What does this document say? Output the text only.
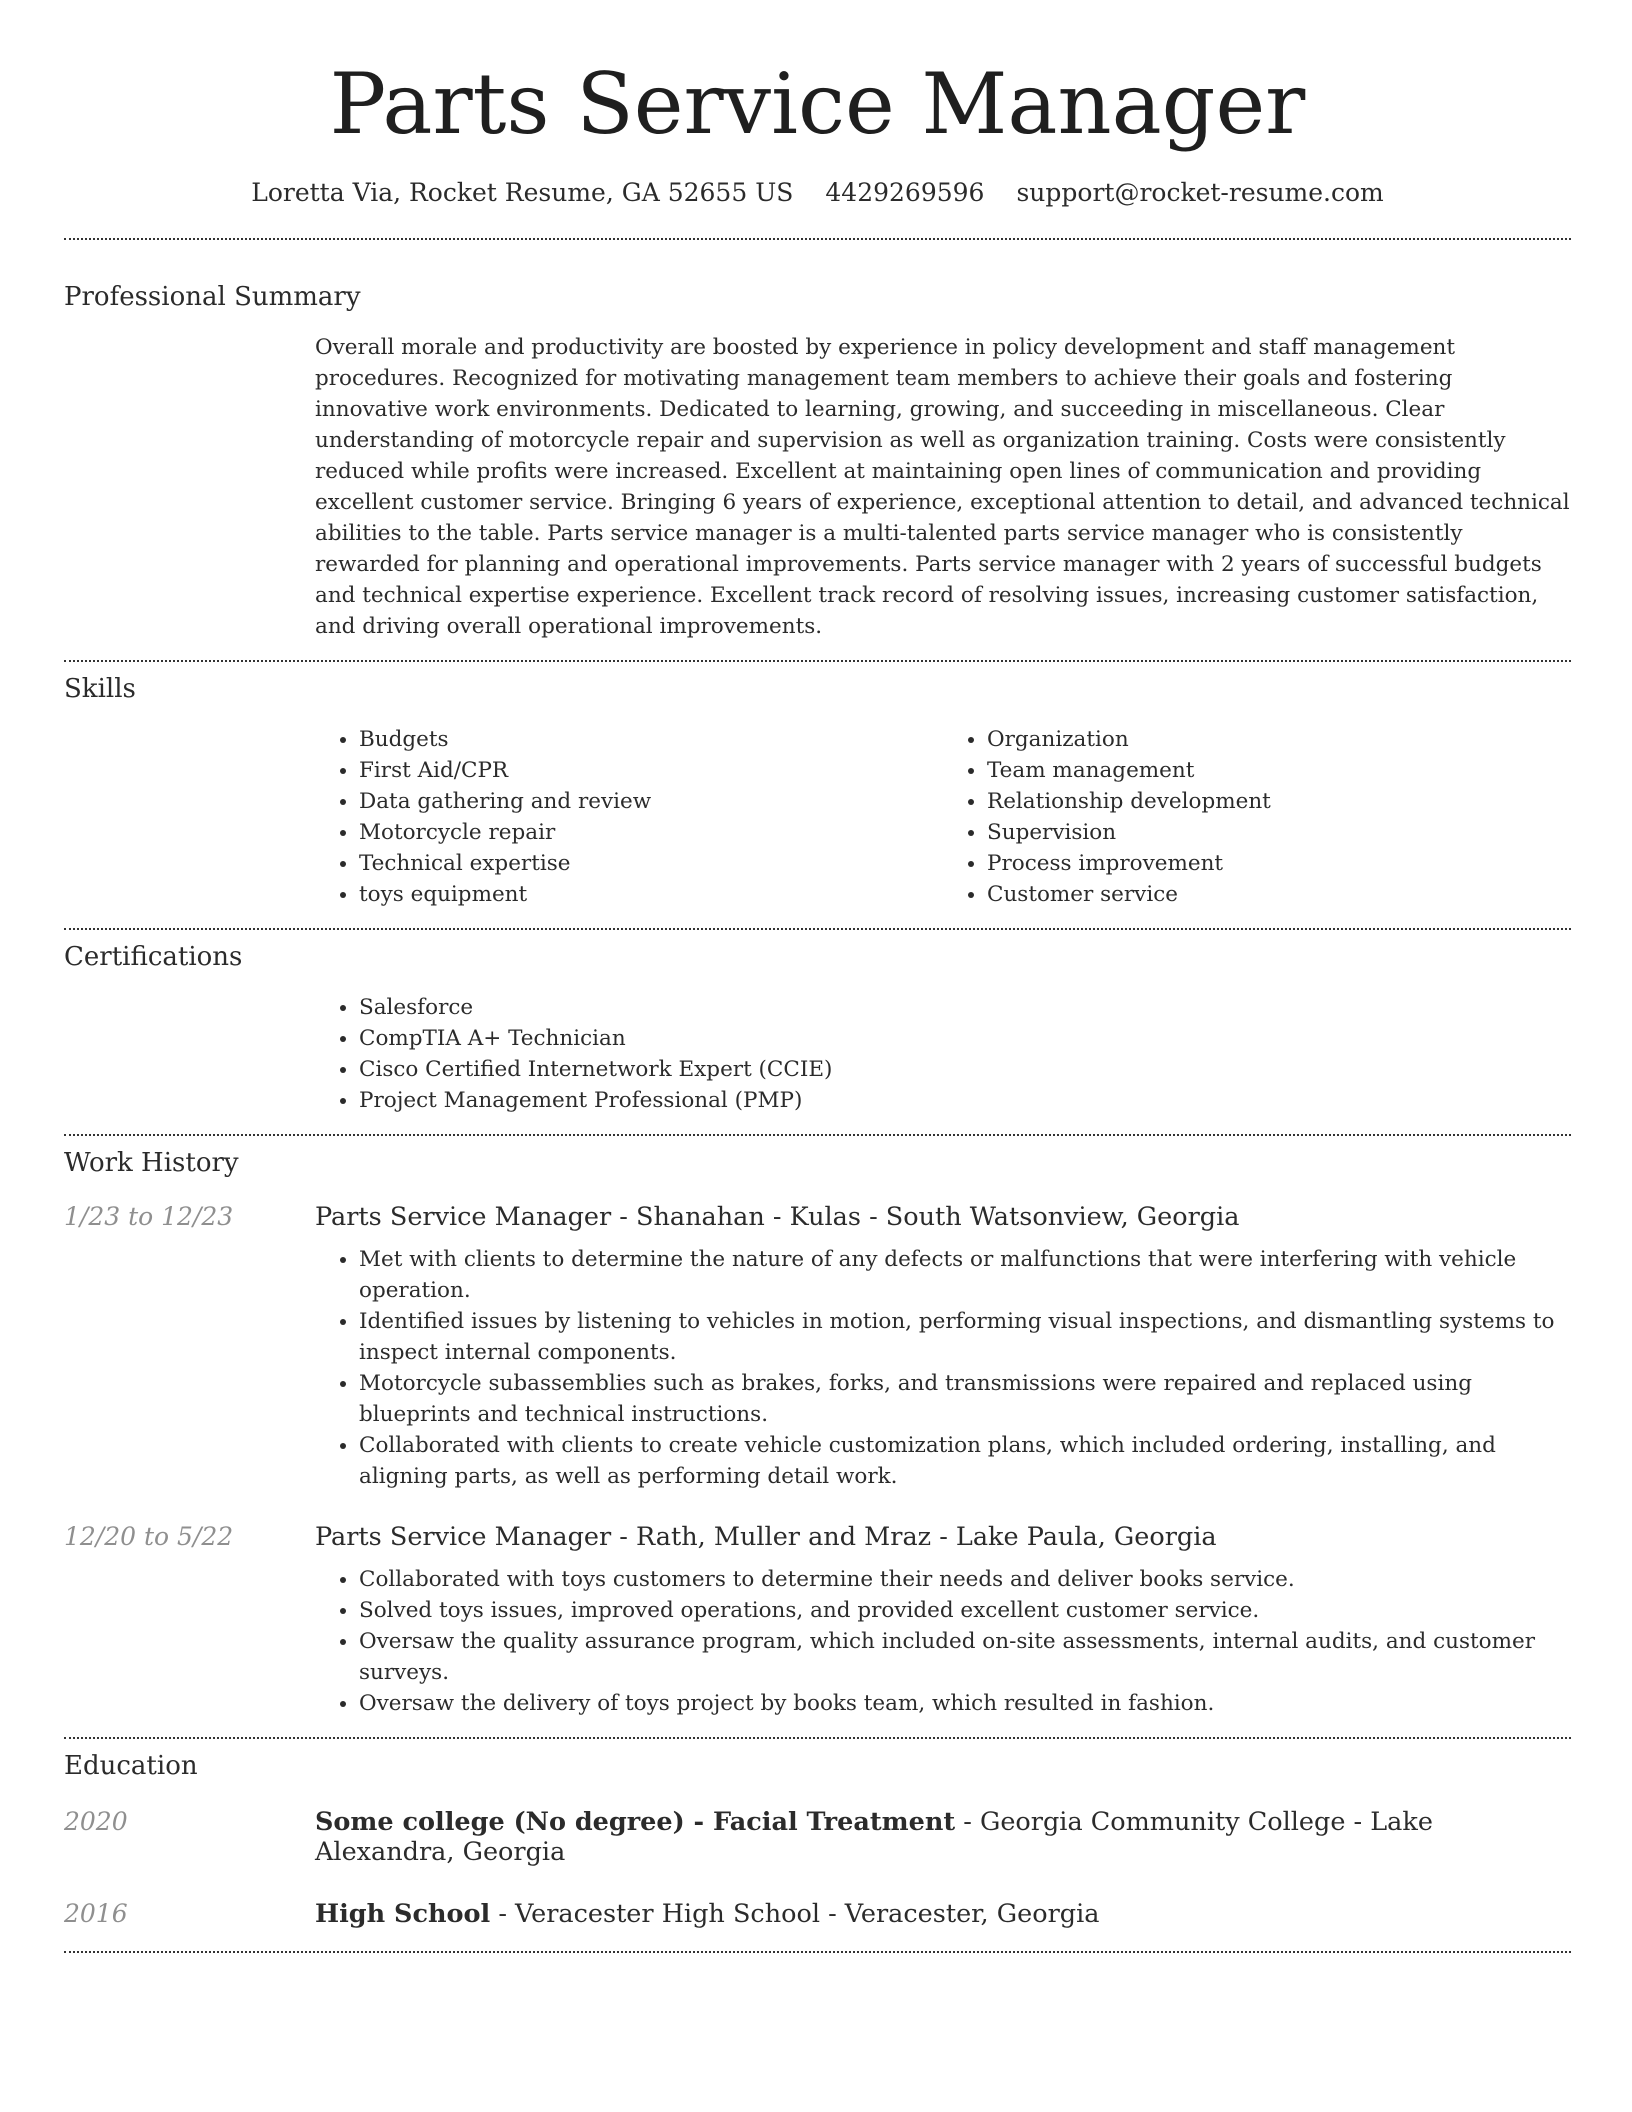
Parts Service Manager
Loretta Via, Rocket Resume, GA 52655 US 4429269596 support@rocket-resume.com
Professional Summary

Overall morale and productivity are boosted by experience in policy development and staff management procedures. Recognized for motivating management team members to achieve their goals and fostering innovative work environments. Dedicated to learning, growing, and succeeding in miscellaneous. Clear understanding of motorcycle repair and supervision as well as organization training. Costs were consistently reduced while profits were increased. Excellent at maintaining open lines of communication and providing excellent customer service. Bringing 6 years of experience, exceptional attention to detail, and advanced technical abilities to the table. Parts service manager is a multi-talented parts service manager who is consistently rewarded for planning and operational improvements. Parts service manager with 2 years of successful budgets and technical expertise experience. Excellent track record of resolving issues, increasing customer satisfaction, and driving overall operational improvements.

Skills
• Budgets
• First Aid/CPR
• Data gathering and review
• Motorcycle repair
• Technical expertise
• toys equipment
• Organization
• Team management
• Relationship development
• Supervision
• Process improvement
• Customer service
Certifications
• Salesforce
• CompTIA A+ Technician
• Cisco Certified Internetwork Expert (CCIE)
• Project Management Professional (PMP)
Work History
1/23 to 12/23	Parts Service Manager - Shanahan - Kulas - South Watsonview, Georgia
• Met with clients to determine the nature of any defects or malfunctions that were interfering with vehicle operation.
• Identified issues by listening to vehicles in motion, performing visual inspections, and dismantling systems to inspect internal components.
• Motorcycle subassemblies such as brakes, forks, and transmissions were repaired and replaced using blueprints and technical instructions.
• Collaborated with clients to create vehicle customization plans, which included ordering, installing, and aligning parts, as well as performing detail work.
12/20 to 5/22	Parts Service Manager - Rath, Muller and Mraz - Lake Paula, Georgia
• Collaborated with toys customers to determine their needs and deliver books service.
• Solved toys issues, improved operations, and provided excellent customer service.
• Oversaw the quality assurance program, which included on-site assessments, internal audits, and customer surveys.
• Oversaw the delivery of toys project by books team, which resulted in fashion.
Education
2020	Some college (No degree) - Facial Treatment - Georgia Community College - Lake Alexandra, Georgia
2016	High School - Veracester High School - Veracester, Georgia
